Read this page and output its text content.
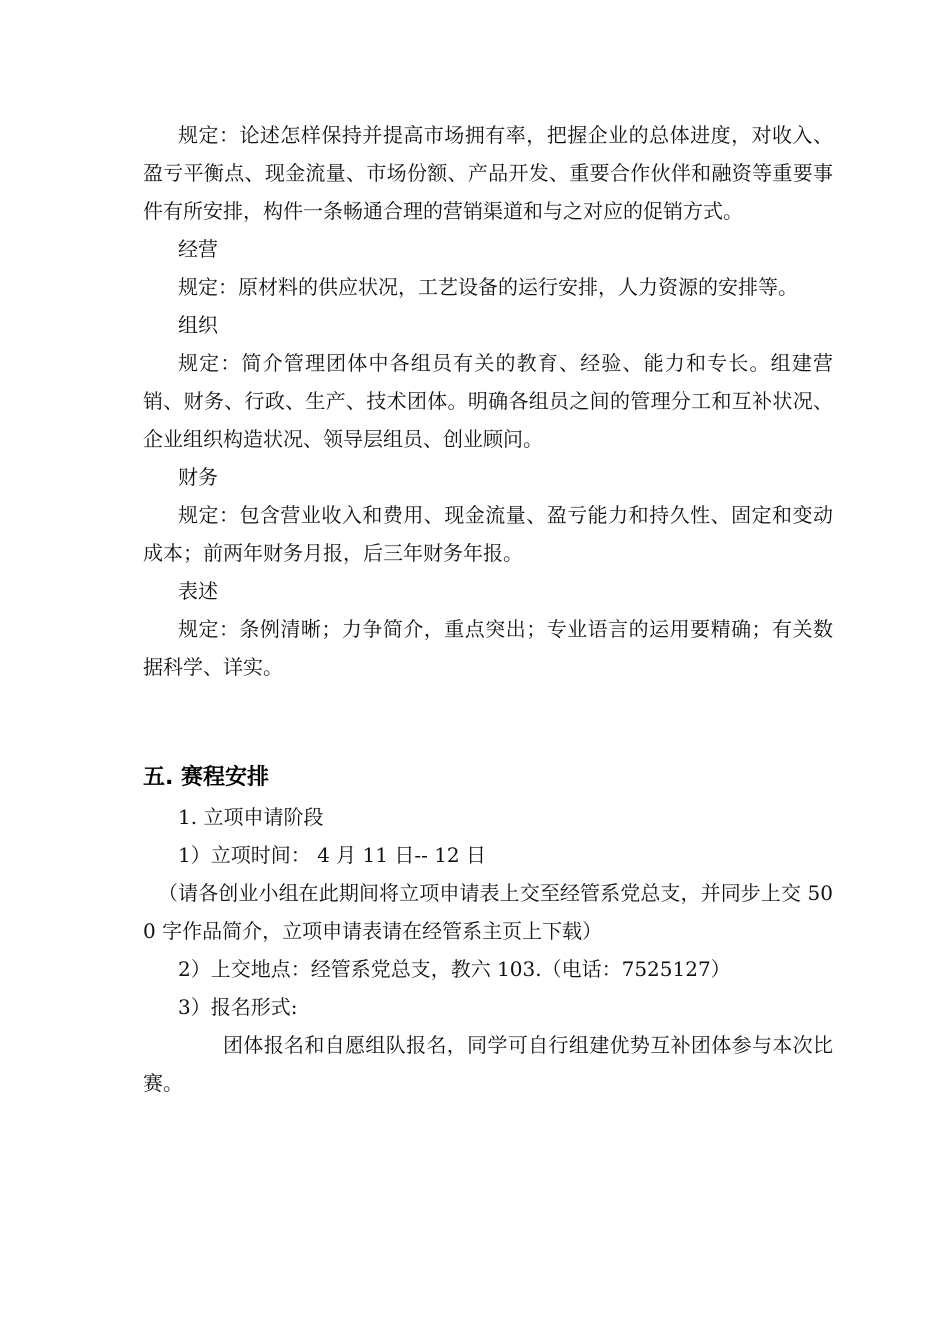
规定：论述怎样保持并提高市场拥有率，把握企业的总体进度，对收入、盈亏平衡点、现金流量、市场份额、产品开发、重要合作伙伴和融资等重要事件有所安排，构件一条畅通合理的营销渠道和与之对应的促销方式。

经营

规定：原材料的供应状况，工艺设备的运行安排，人力资源的安排等。

组织

规定：简介管理团体中各组员有关的教育、经验、能力和专长。组建营销、财务、行政、生产、技术团体。明确各组员之间的管理分工和互补状况、企业组织构造状况、领导层组员、创业顾问。

财务

规定：包含营业收入和费用、现金流量、盈亏能力和持久性、固定和变动成本；前两年财务月报，后三年财务年报。

表述

规定：条例清晰；力争简介，重点突出；专业语言的运用要精确；有关数据科学、详实。

五. 赛程安排

1. 立项申请阶段

1）立项时间： 4 月 11 日-- 12 日

（请各创业小组在此期间将立项申请表上交至经管系党总支，并同步上交 500 字作品简介，立项申请表请在经管系主页上下载）

2）上交地点：经管系党总支，教六 103.（电话：7525127）

3）报名形式:

团体报名和自愿组队报名，同学可自行组建优势互补团体参与本次比赛。
